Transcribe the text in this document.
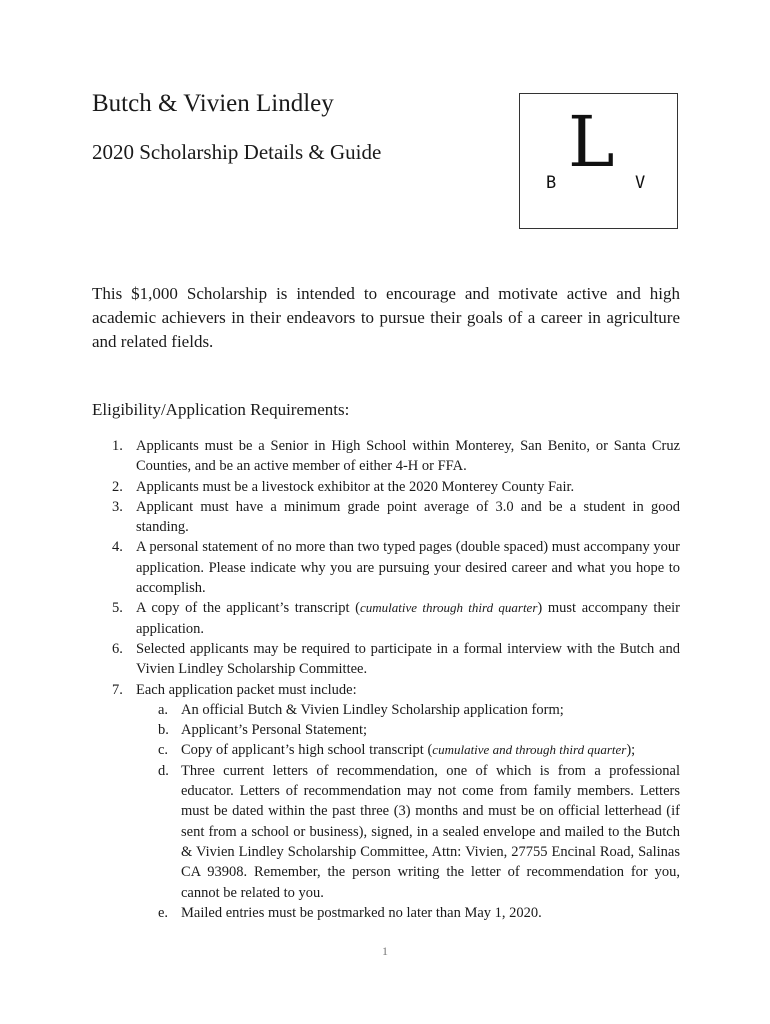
Butch & Vivien Lindley
2020 Scholarship Details & Guide
B L V

This $1,000 Scholarship is intended to encourage and motivate active and high academic achievers in their endeavors to pursue their goals of a career in agriculture and related fields.

Eligibility/Application Requirements:
1. Applicants must be a Senior in High School within Monterey, San Benito, or Santa Cruz Counties, and be an active member of either 4-H or FFA.
2. Applicants must be a livestock exhibitor at the 2020 Monterey County Fair.
3. Applicant must have a minimum grade point average of 3.0 and be a student in good standing.
4. A personal statement of no more than two typed pages (double spaced) must accompany your application. Please indicate why you are pursuing your desired career and what you hope to accomplish.
5. A copy of the applicant’s transcript (cumulative through third quarter) must accompany their application.
6. Selected applicants may be required to participate in a formal interview with the Butch and Vivien Lindley Scholarship Committee.
7. Each application packet must include:
a. An official Butch & Vivien Lindley Scholarship application form;
b. Applicant’s Personal Statement;
c. Copy of applicant’s high school transcript (cumulative and through third quarter);
d. Three current letters of recommendation, one of which is from a professional educator. Letters of recommendation may not come from family members. Letters must be dated within the past three (3) months and must be on official letterhead (if sent from a school or business), signed, in a sealed envelope and mailed to the Butch & Vivien Lindley Scholarship Committee, Attn: Vivien, 27755 Encinal Road, Salinas CA 93908. Remember, the person writing the letter of recommendation for you, cannot be related to you.
e. Mailed entries must be postmarked no later than May 1, 2020.
1
